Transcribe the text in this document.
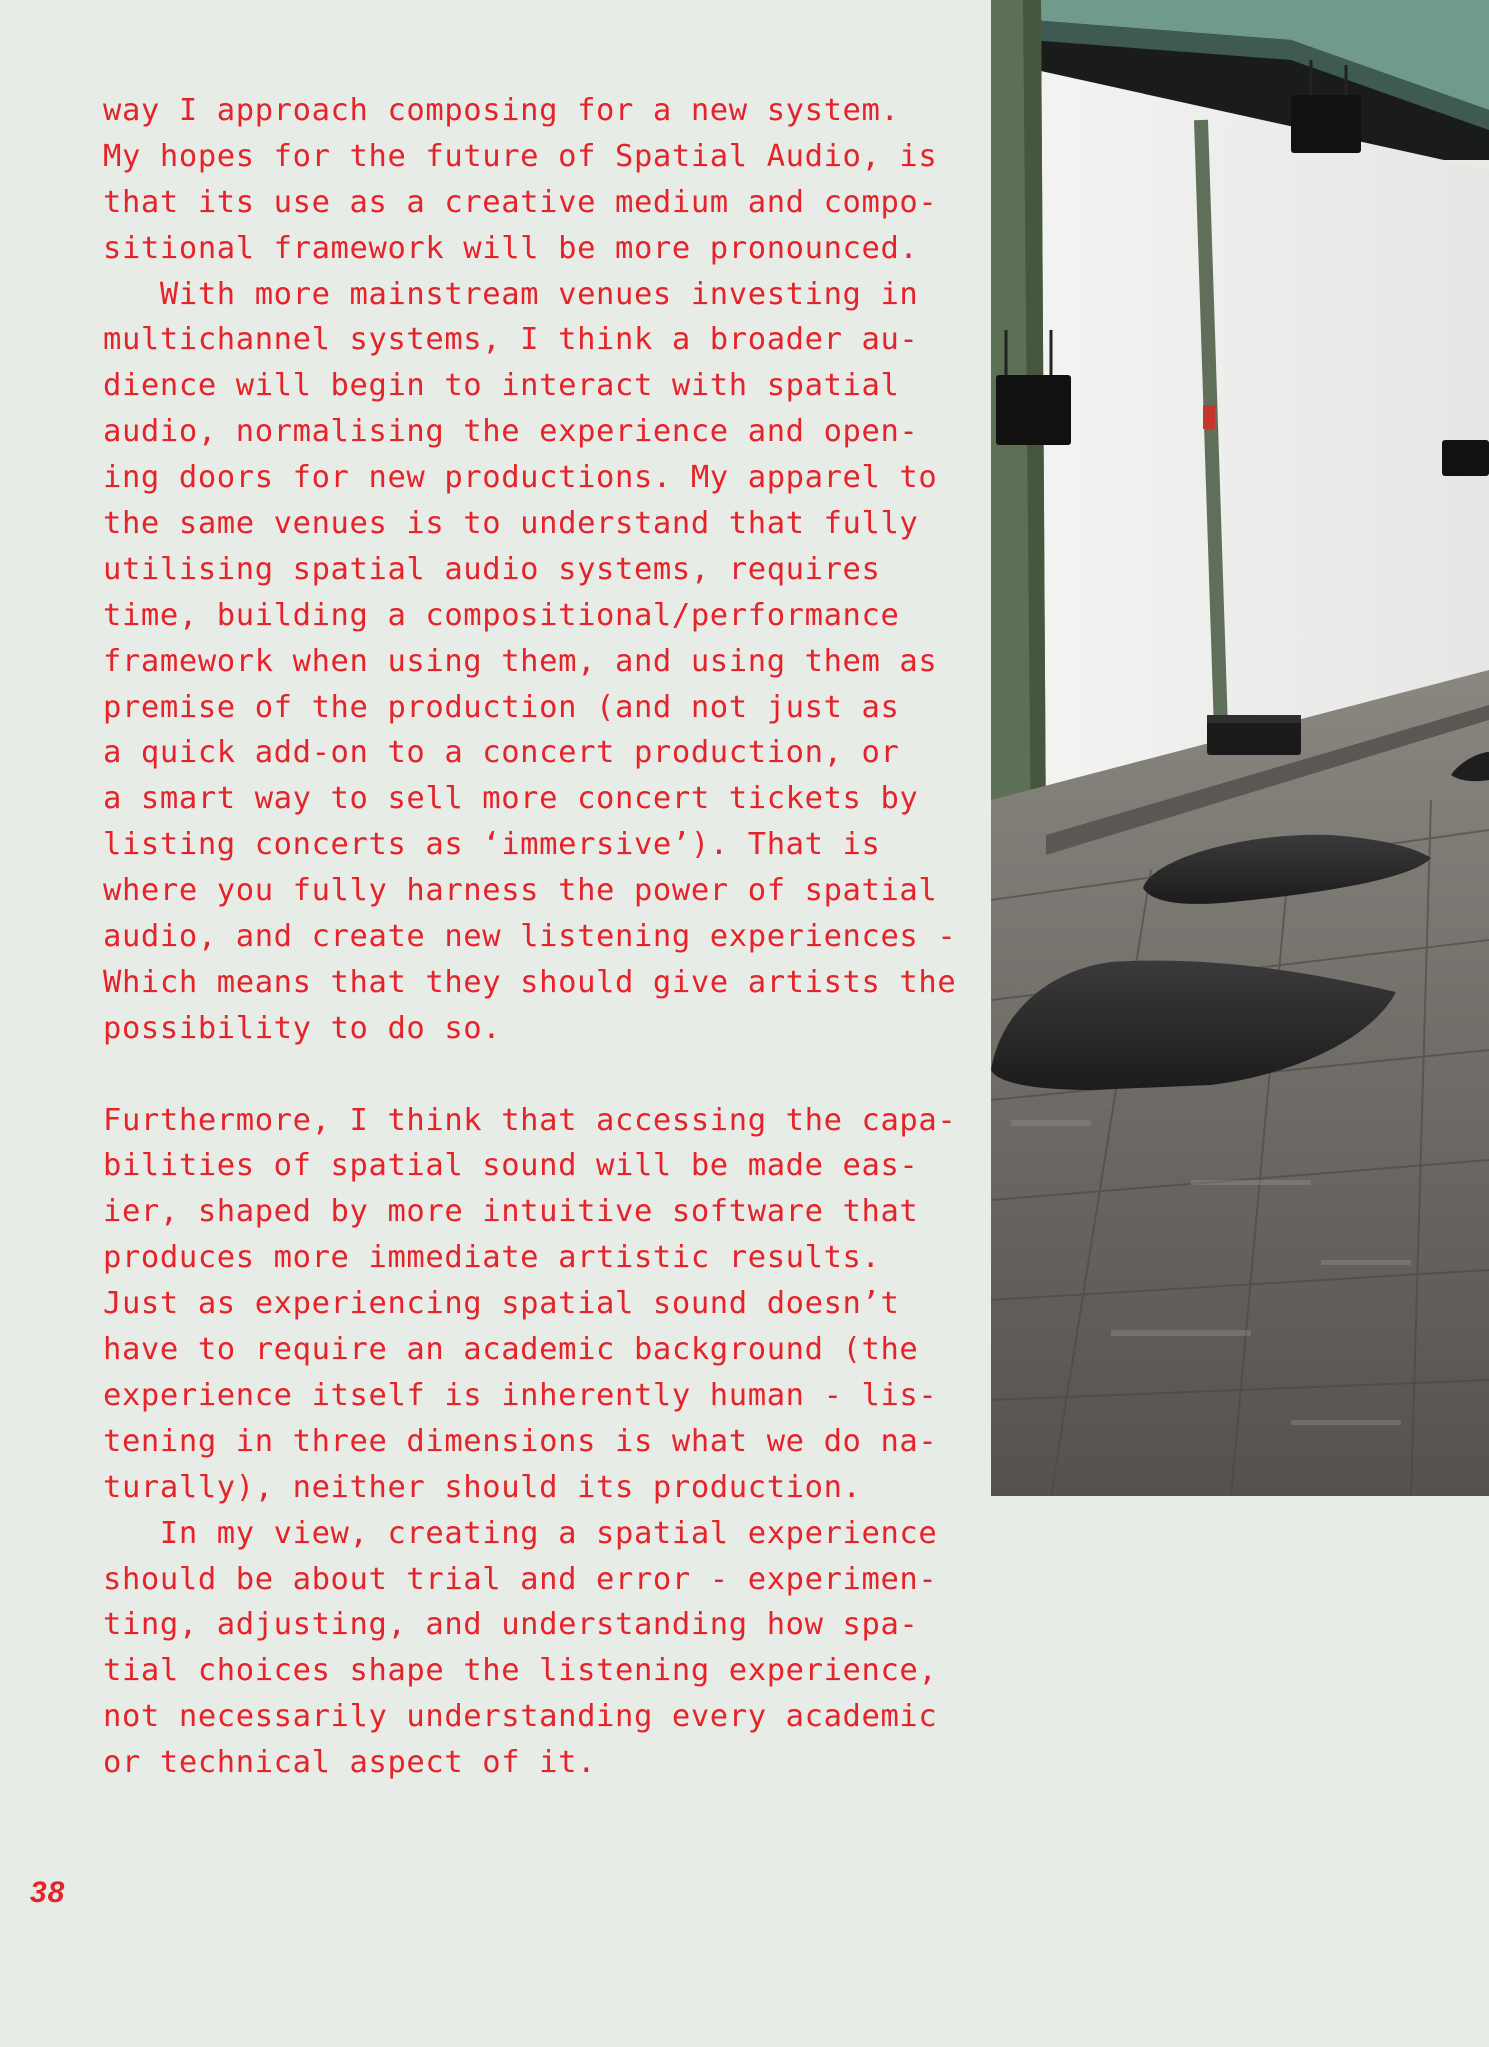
way I approach composing for a new system.
My hopes for the future of Spatial Audio, is
that its use as a creative medium and compo-
sitional framework will be more pronounced.
With more mainstream venues investing in
multichannel systems, I think a broader au-
dience will begin to interact with spatial
audio, normalising the experience and open-
ing doors for new productions. My apparel to
the same venues is to understand that fully
utilising spatial audio systems, requires
time, building a compositional/performance
framework when using them, and using them as
premise of the production (and not just as
a quick add-on to a concert production, or
a smart way to sell more concert tickets by
listing concerts as ‘immersive’). That is
where you fully harness the power of spatial
audio, and create new listening experiences -
Which means that they should give artists the
possibility to do so.
Furthermore, I think that accessing the capa-
bilities of spatial sound will be made eas-
ier, shaped by more intuitive software that
produces more immediate artistic results.
Just as experiencing spatial sound doesn’t
have to require an academic background (the
experience itself is inherently human - lis-
tening in three dimensions is what we do na-
turally), neither should its production.
In my view, creating a spatial experience
should be about trial and error - experimen-
ting, adjusting, and understanding how spa-
tial choices shape the listening experience,
not necessarily understanding every academic
or technical aspect of it.
38
